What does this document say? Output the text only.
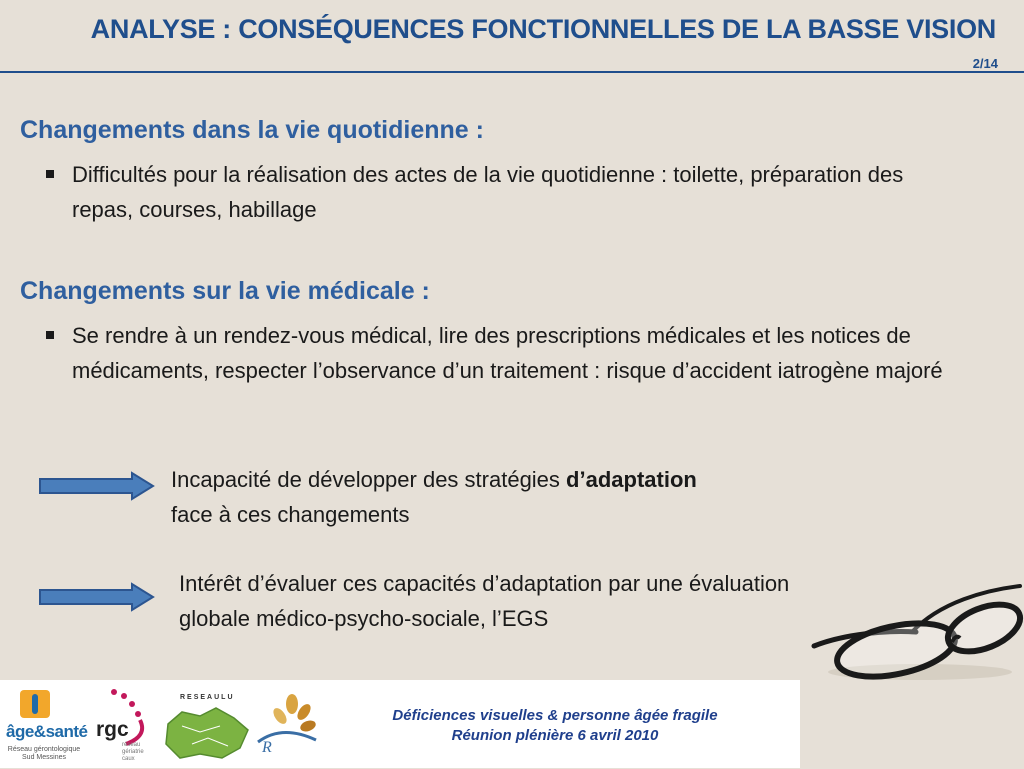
ANALYSE : CONSÉQUENCES FONCTIONNELLES DE LA BASSE VISION
2/14
Changements dans la vie quotidienne :
Difficultés pour la réalisation des actes de la vie quotidienne : toilette, préparation des repas, courses, habillage
Changements sur la vie médicale :
Se rendre à un rendez-vous médical, lire des prescriptions médicales et les notices de médicaments, respecter l’observance d’un traitement : risque d’accident iatrogène majoré
Incapacité de développer des stratégies d’adaptation face à ces changements
Intérêt d’évaluer ces capacités d’adaptation par une évaluation globale médico-psycho-sociale, l’EGS
âge&santé
Réseau gérontologique Sud Messines
rgc
réseau gériatrie caux
RESEAULU
R
Déficiences visuelles & personne âgée fragile
Réunion plénière 6 avril 2010
